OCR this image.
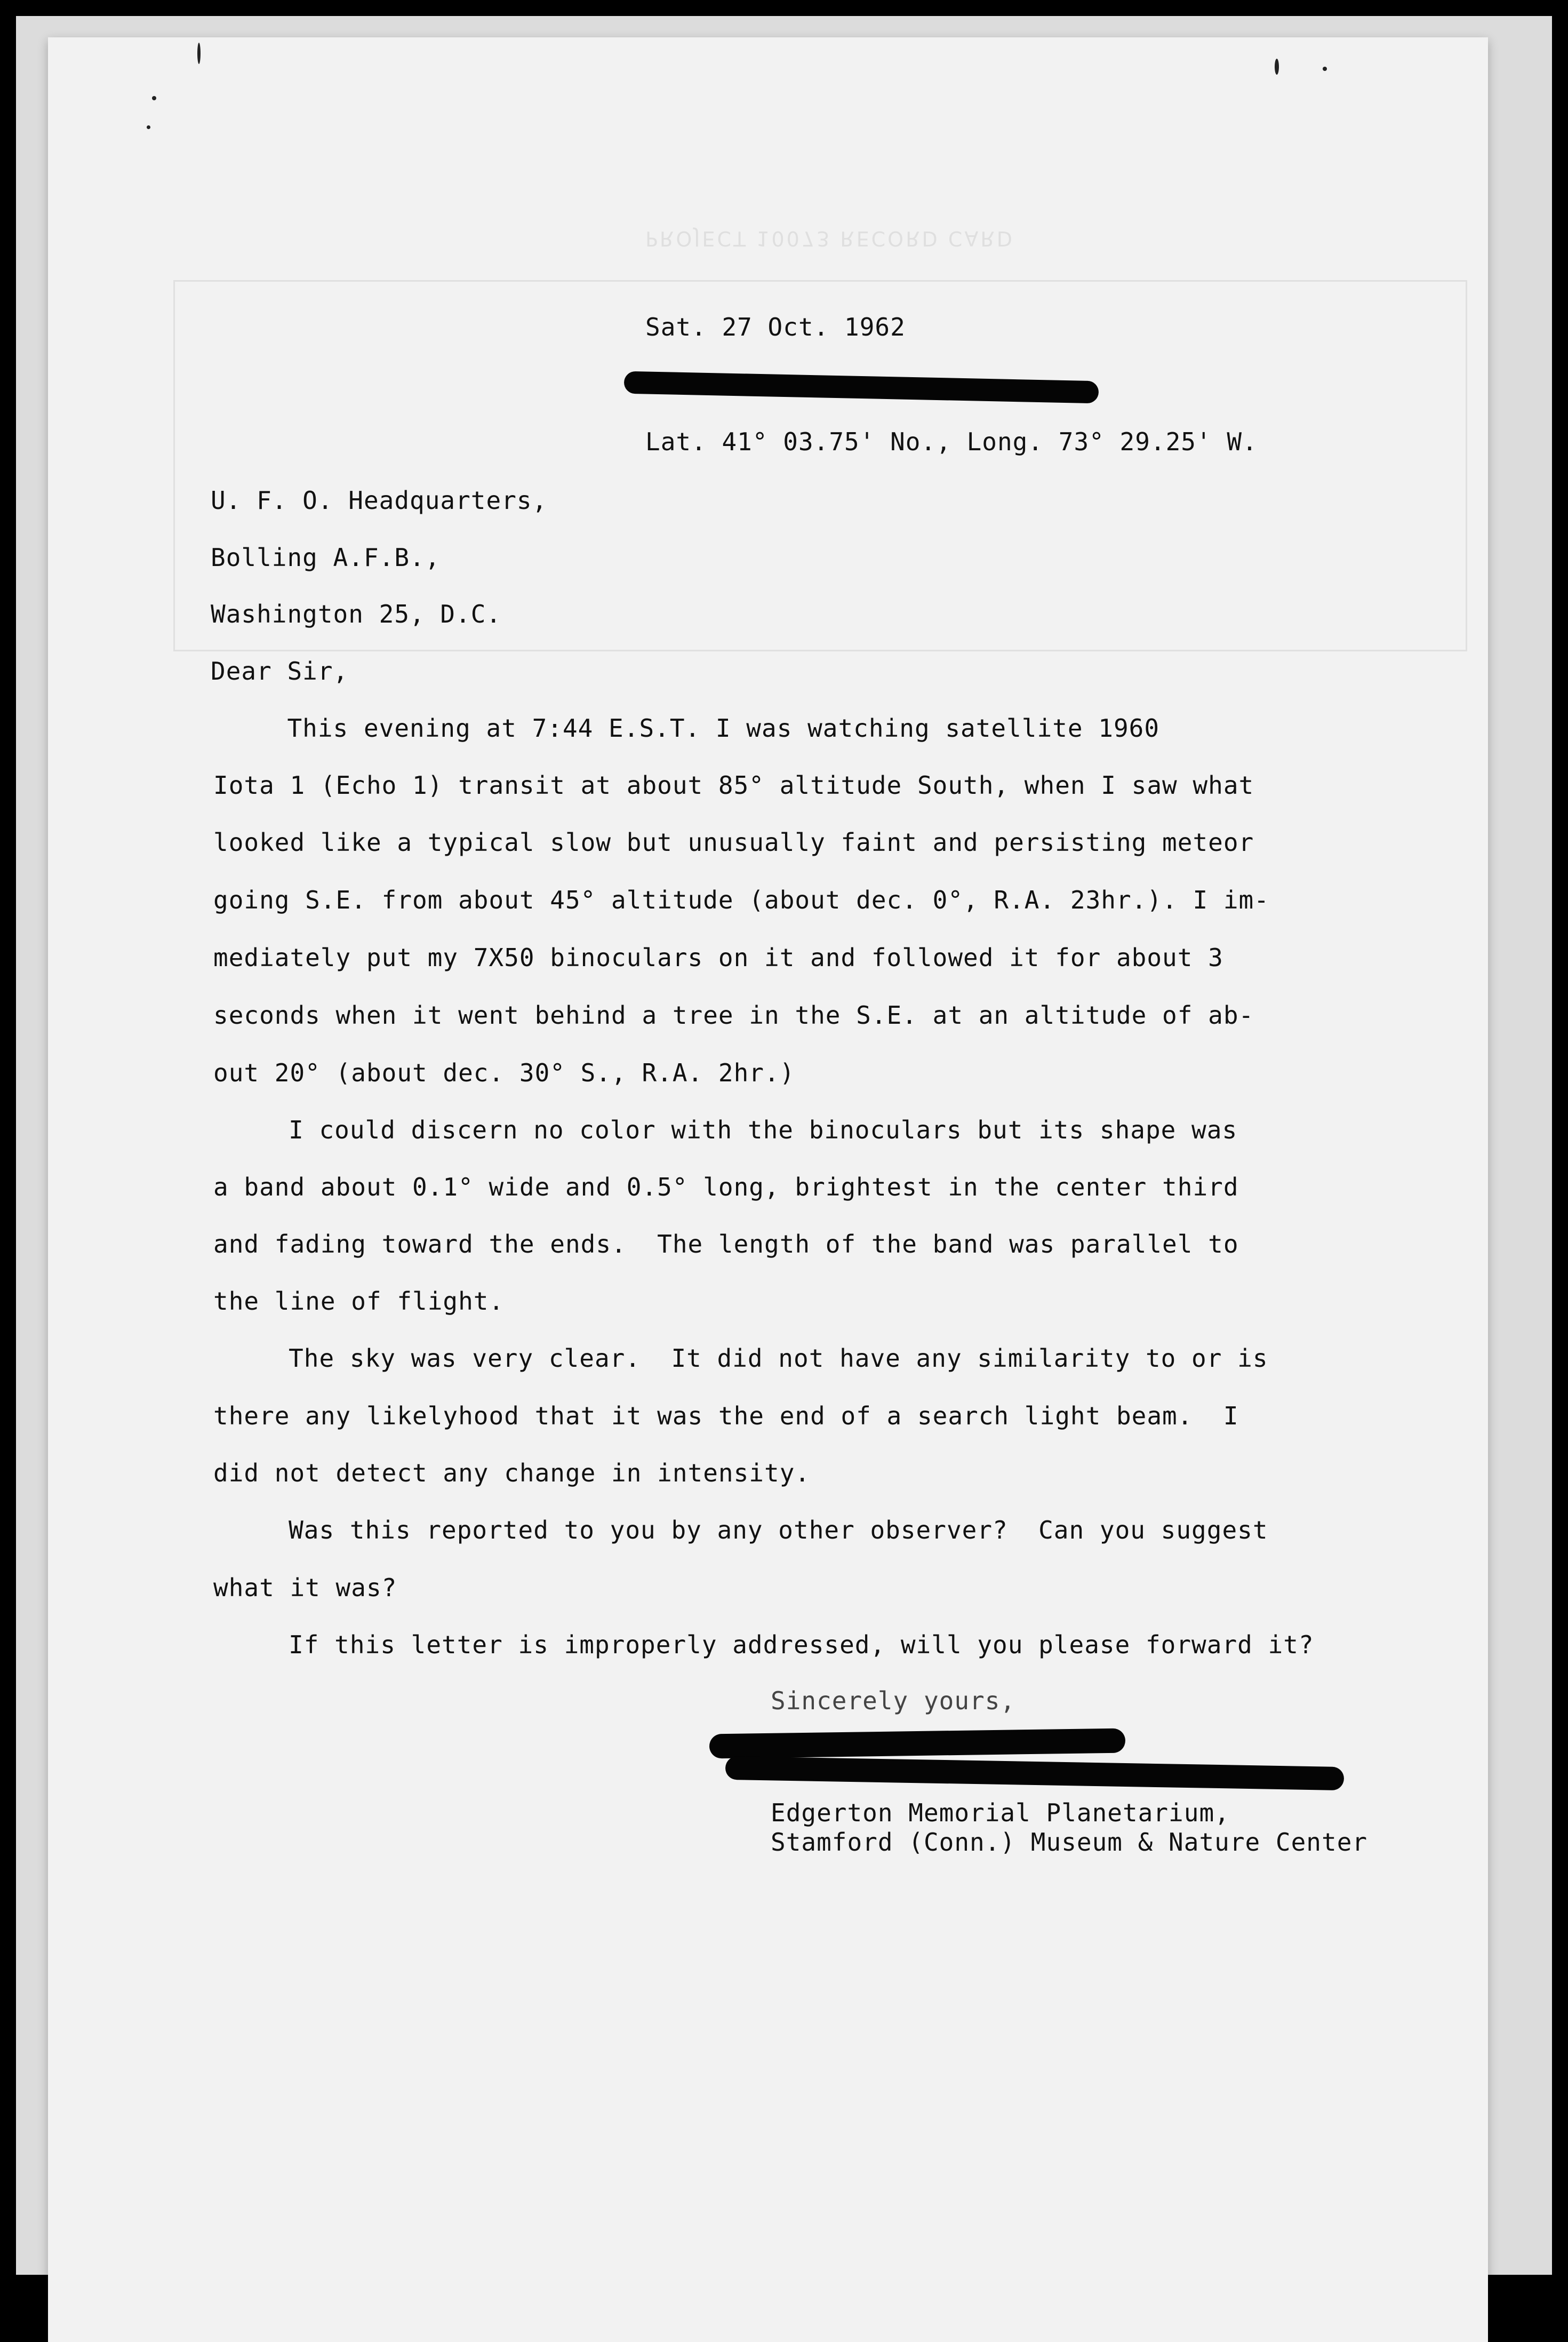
PROJECT 10073 RECORD CARD

Sat. 27 Oct. 1962

Lat. 41° 03.75' No., Long. 73° 29.25' W.

U. F. O. Headquarters,

Bolling A.F.B.,

Washington 25, D.C.

Dear Sir,

This evening at 7:44 E.S.T. I was watching satellite 1960

Iota 1 (Echo 1) transit at about 85° altitude South, when I saw what

looked like a typical slow but unusually faint and persisting meteor

going S.E. from about 45° altitude (about dec. 0°, R.A. 23hr.). I im-

mediately put my 7X50 binoculars on it and followed it for about 3

seconds when it went behind a tree in the S.E. at an altitude of ab-

out 20° (about dec. 30° S., R.A. 2hr.)

I could discern no color with the binoculars but its shape was

a band about 0.1° wide and 0.5° long, brightest in the center third

and fading toward the ends.  The length of the band was parallel to

the line of flight.

The sky was very clear.  It did not have any similarity to or is

there any likelyhood that it was the end of a search light beam.  I

did not detect any change in intensity.

Was this reported to you by any other observer?  Can you suggest

what it was?

If this letter is improperly addressed, will you please forward it?

Sincerely yours,

Edgerton Memorial Planetarium,

Stamford (Conn.) Museum & Nature Center
